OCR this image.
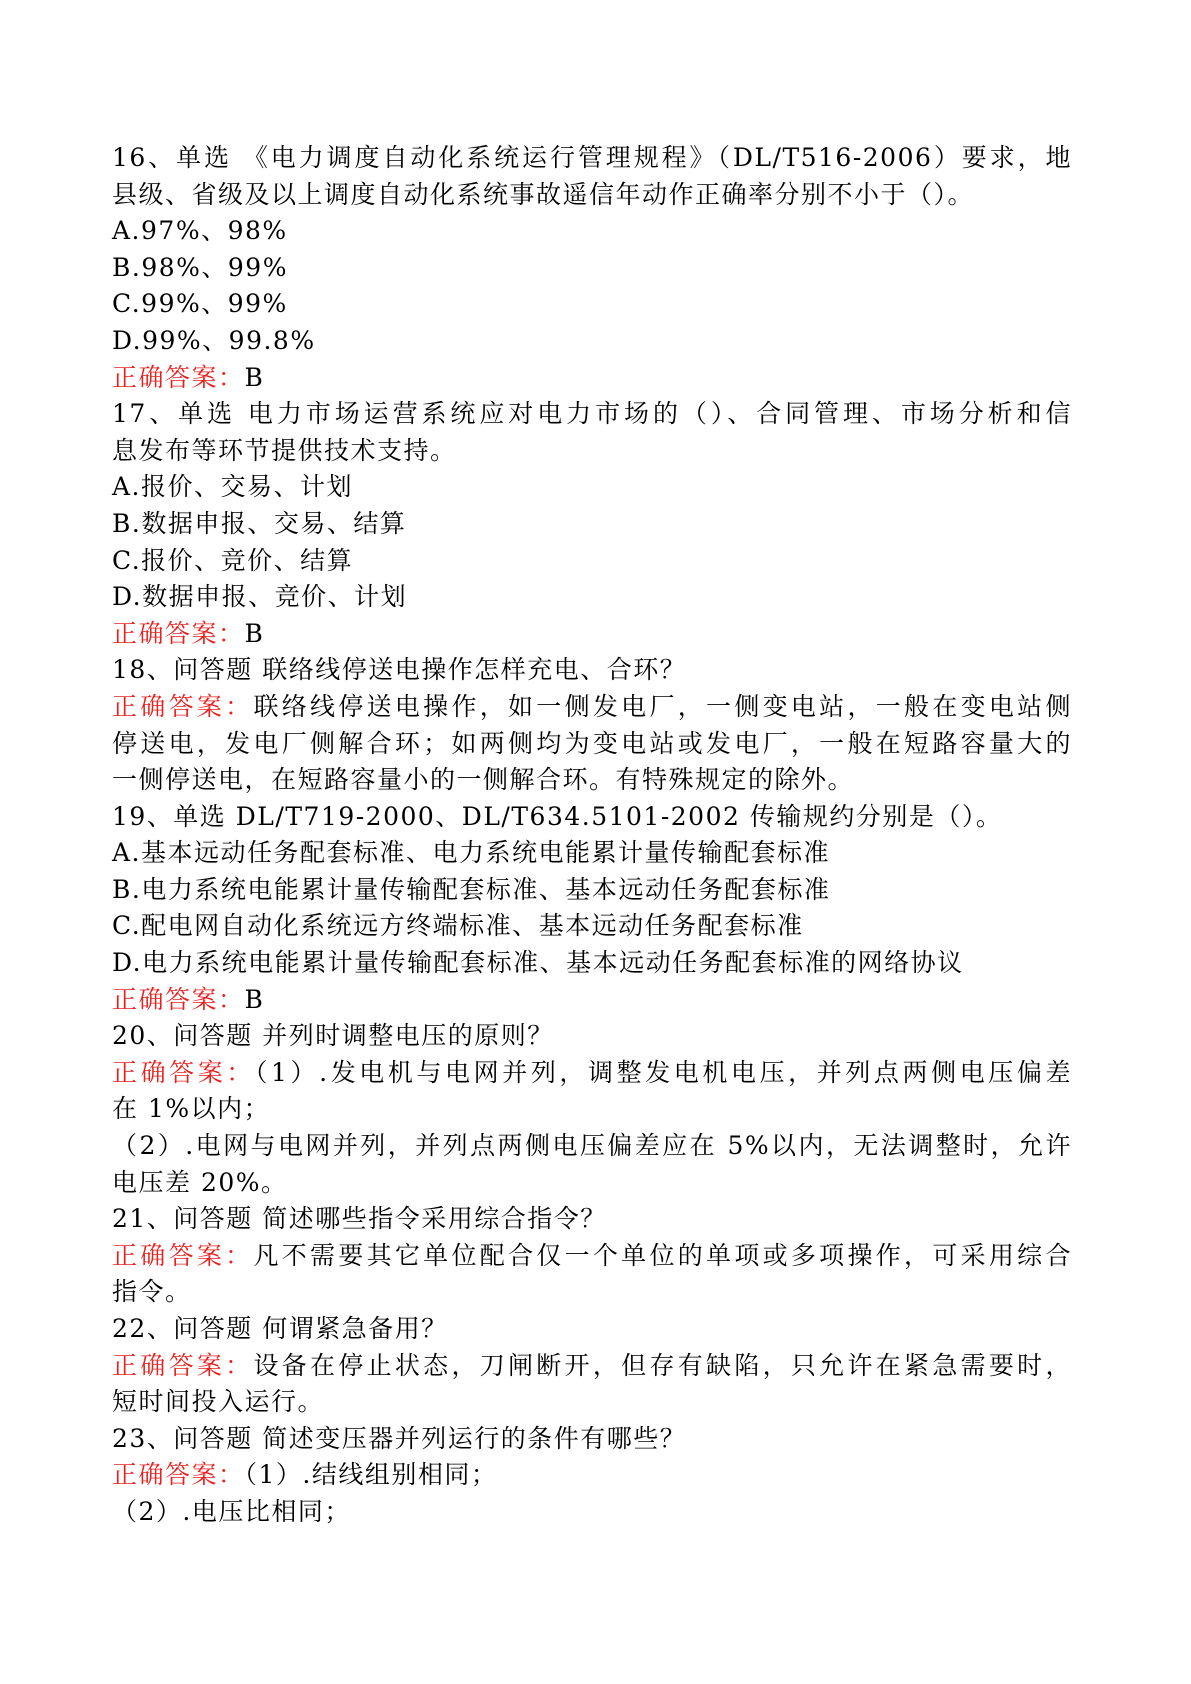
16、单选 《电力调度自动化系统运行管理规程》（DL/T516-2006）要求，地
县级、省级及以上调度自动化系统事故遥信年动作正确率分别不小于（）。
A.97%、98%
B.98%、99%
C.99%、99%
D.99%、99.8%
正确答案：B
17、单选 电力市场运营系统应对电力市场的（）、合同管理、市场分析和信
息发布等环节提供技术支持。
A.报价、交易、计划
B.数据申报、交易、结算
C.报价、竞价、结算
D.数据申报、竞价、计划
正确答案：B
18、问答题 联络线停送电操作怎样充电、合环？
正确答案：联络线停送电操作，如一侧发电厂，一侧变电站，一般在变电站侧
停送电，发电厂侧解合环；如两侧均为变电站或发电厂，一般在短路容量大的
一侧停送电，在短路容量小的一侧解合环。有特殊规定的除外。
19、单选 DL/T719-2000、DL/T634.5101-2002 传输规约分别是（）。
A.基本远动任务配套标准、电力系统电能累计量传输配套标准
B.电力系统电能累计量传输配套标准、基本远动任务配套标准
C.配电网自动化系统远方终端标准、基本远动任务配套标准
D.电力系统电能累计量传输配套标准、基本远动任务配套标准的网络协议
正确答案：B
20、问答题 并列时调整电压的原则？
正确答案：（1）.发电机与电网并列，调整发电机电压，并列点两侧电压偏差
在 1%以内；
（2）.电网与电网并列，并列点两侧电压偏差应在 5%以内，无法调整时，允许
电压差 20%。
21、问答题 简述哪些指令采用综合指令？
正确答案：凡不需要其它单位配合仅一个单位的单项或多项操作，可采用综合
指令。
22、问答题 何谓紧急备用？
正确答案：设备在停止状态，刀闸断开，但存有缺陷，只允许在紧急需要时，
短时间投入运行。
23、问答题 简述变压器并列运行的条件有哪些？
正确答案：（1）.结线组别相同；
（2）.电压比相同；
